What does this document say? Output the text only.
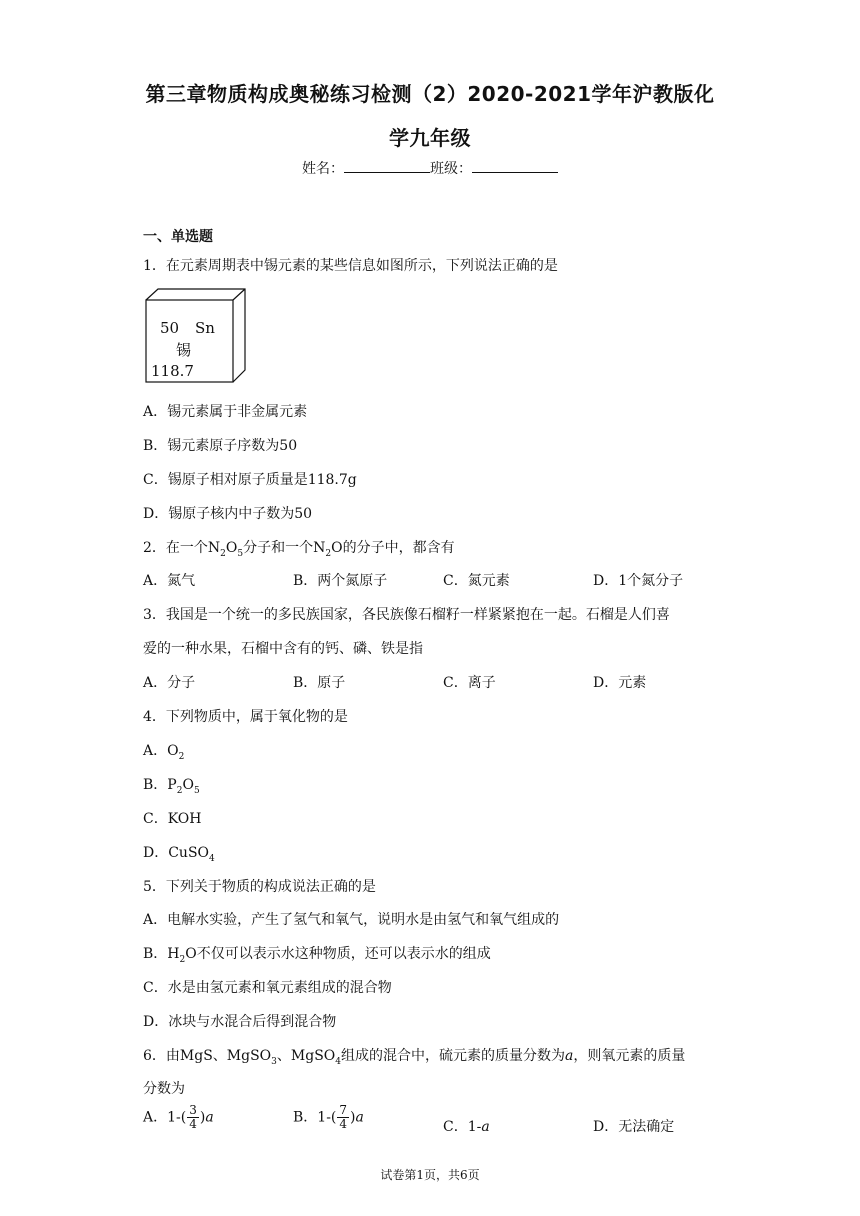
第三章物质构成奥秘练习检测（2）2020-2021学年沪教版化
学九年级
姓名：	班级：
一、单选题
1．在元素周期表中锡元素的某些信息如图所示，下列说法正确的是
50 Sn
锡
118.7
A．锡元素属于非金属元素
B．锡元素原子序数为50
C．锡原子相对原子质量是118.7g
D．锡原子核内中子数为50
2．在一个$N_2O_5$分子和一个$N_2O$的分子中，都含有
A．氮气	B．两个氮原子	C．氮元素	D．1个氮分子
3．我国是一个统一的多民族国家，各民族像石榴籽一样紧紧抱在一起。石榴是人们喜
爱的一种水果，石榴中含有的钙、磷、铁是指
A．分子	B．原子	C．离子	D．元素
4．下列物质中，属于氧化物的是
A．$O_2$
B．$P_2O_5$
C．KOH
D．CuSO$_4$
5．下列关于物质的构成说法正确的是
A．电解水实验，产生了氢气和氧气，说明水是由氢气和氧气组成的
B．$H_2O$不仅可以表示水这种物质，还可以表示水的组成
C．水是由氢元素和氧元素组成的混合物
D．冰块与水混合后得到混合物
6．由MgS、MgSO$_3$、MgSO$_4$组成的混合中，硫元素的质量分数为a，则氧元素的质量
分数为
A．$1-( \frac{3}{4} )a$	B．$1-( \frac{7}{4} )a$
C．1-a	D．无法确定
试卷第1页，共6页
